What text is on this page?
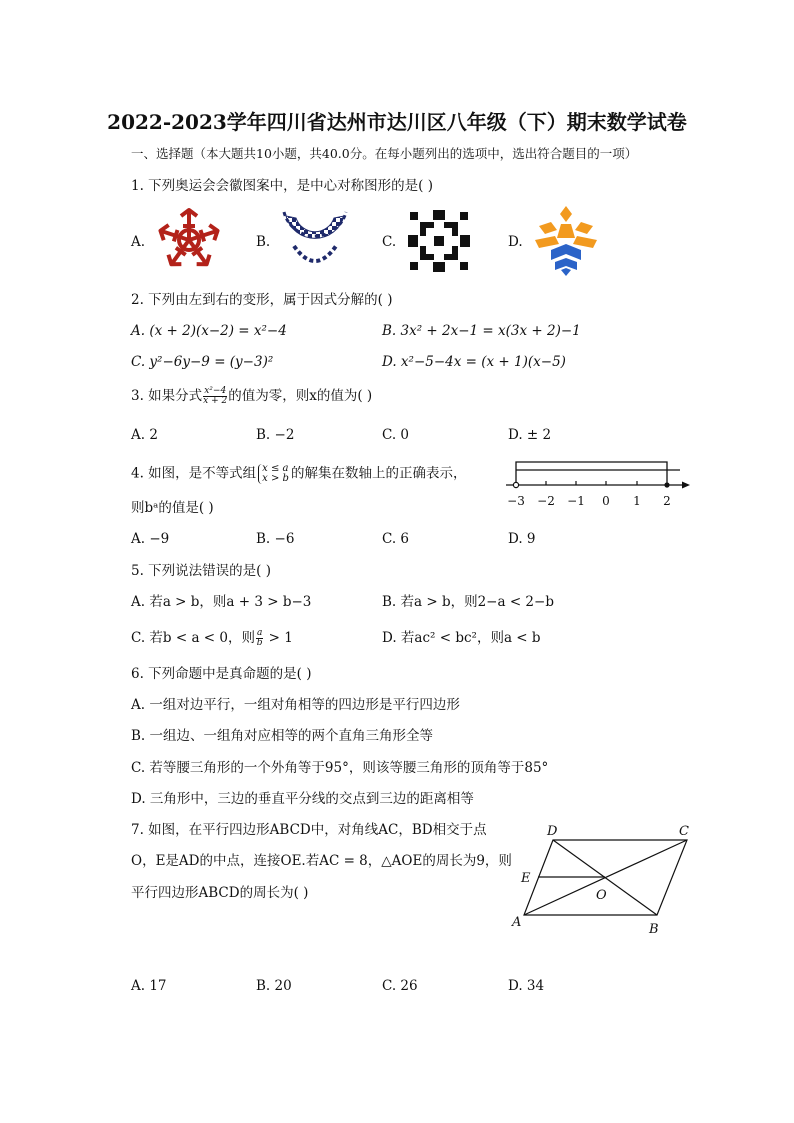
2022-2023学年四川省达州市达川区八年级（下）期末数学试卷
一、选择题（本大题共10小题，共40.0分。在每小题列出的选项中，选出符合题目的一项）
1. 下列奥运会会徽图案中，是中心对称图形的是( )
A.	B.	C.	D.
2. 下列由左到右的变形，属于因式分解的( )
A. (x + 2)(x−2) = x²−4	B. 3x² + 2x−1 = x(3x + 2)−1
C. y²−6y−9 = (y−3)²	D. x²−5−4x = (x + 1)(x−5)
3. 如果分式 $\frac{\text{x²−4}}{x + 2}$ 的值为零，则x的值为( )
A. 2	B. −2	C. 0	D. ± 2
4. 如图，是不等式组 x ≤ a
x > b 的解集在数轴上的正确表示，
则bᵃ的值是( )	−3 −2 −1 0 1 2
A. −9	B. −6	C. 6	D. 9
5. 下列说法错误的是( )
A. 若a > b，则a + 3 > b−3	B. 若a > b，则2−a < 2−b
C. 若b < a < 0，则 $\frac{a}{b} > 1$	D. 若ac² < bc²，则a < b
6. 下列命题中是真命题的是( )
A. 一组对边平行，一组对角相等的四边形是平行四边形
B. 一组边、一组角对应相等的两个直角三角形全等
C. 若等腰三角形的一个外角等于95°，则该等腰三角形的顶角等于85°
D. 三角形中，三边的垂直平分线的交点到三边的距离相等
7. 如图，在平行四边形ABCD中，对角线AC，BD相交于点
O，E是AD的中点，连接OE.若AC = 8，△AOE的周长为9，则
平行四边形ABCD的周长为( )
A	B
C
D
E
O
A. 17	B. 20	C. 26	D. 34
